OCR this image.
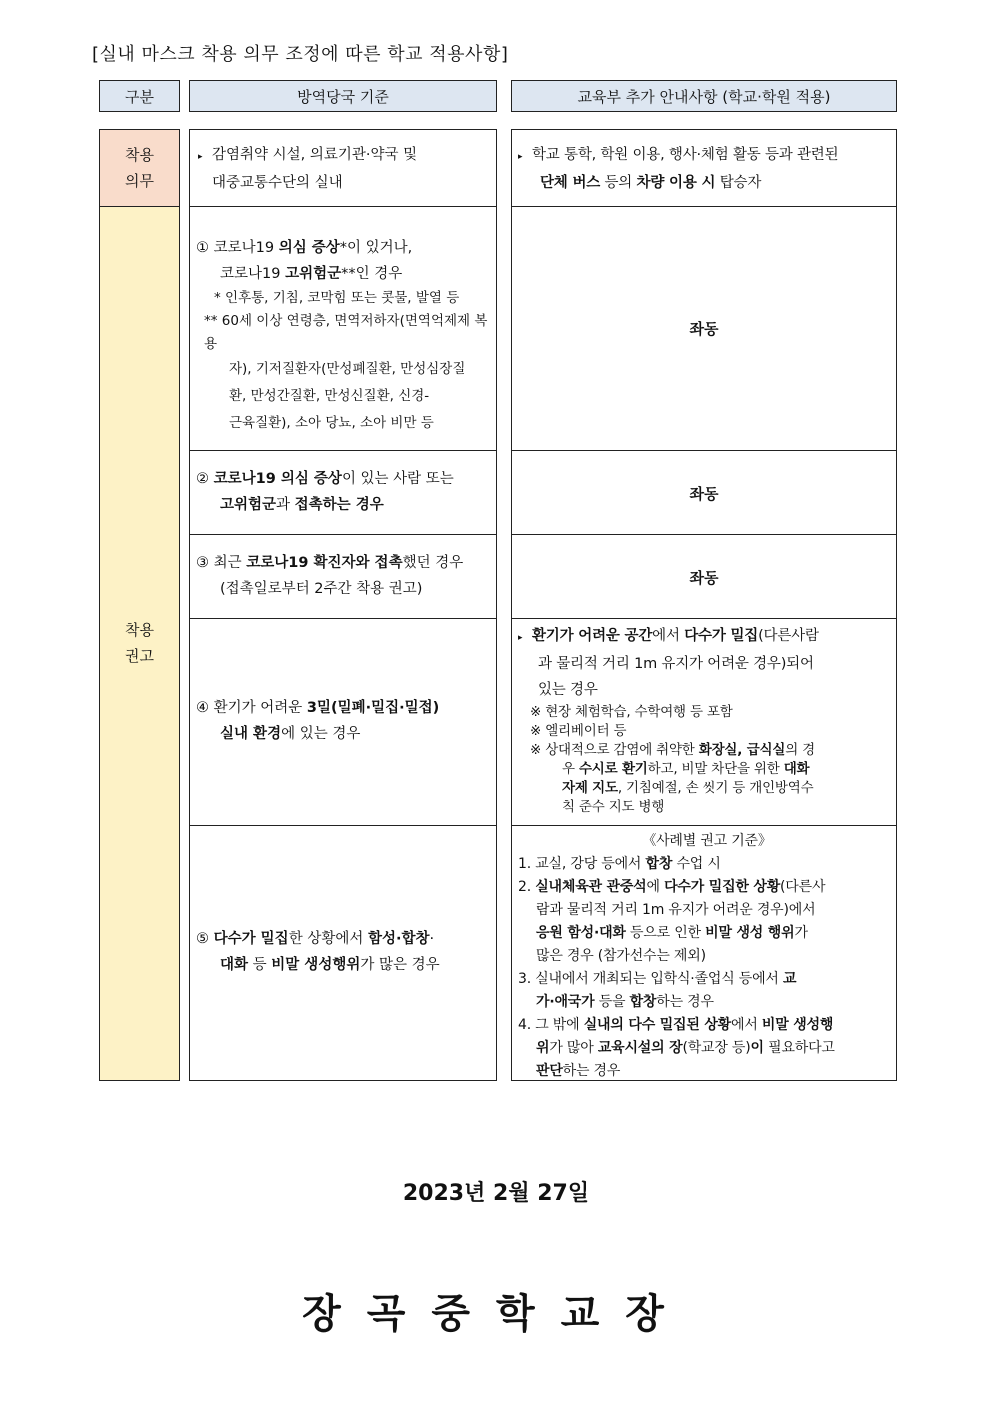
[실내 마스크 착용 의무 조정에 따른 학교 적용사항]
구분	방역당국 기준	교육부 추가 안내사항 (학교·학원 적용)
착용
의무
착용
권고
▸ 감염취약 시설, 의료기관·약국 및
대중교통수단의 실내
① 코로나19 의심 증상*이 있거나,
코로나19 고위험군**인 경우
* 인후통, 기침, 코막힘 또는 콧물, 발열 등
** 60세 이상 연령층, 면역저하자(면역억제제 복용
자), 기저질환자(만성폐질환, 만성심장질
환, 만성간질환, 만성신질환, 신경-
근육질환), 소아 당뇨, 소아 비만 등
② 코로나19 의심 증상이 있는 사람 또는
고위험군과 접촉하는 경우
③ 최근 코로나19 확진자와 접촉했던 경우
(접촉일로부터 2주간 착용 권고)
④ 환기가 어려운 3밀(밀폐·밀집·밀접)
실내 환경에 있는 경우
⑤ 다수가 밀집한 상황에서 함성·합창·
대화 등 비말 생성행위가 많은 경우
▸ 학교 통학, 학원 이용, 행사·체험 활동 등과 관련된
단체 버스 등의 차량 이용 시 탑승자
좌동
좌동
좌동
▸ 환기가 어려운 공간에서 다수가 밀집(다른사람
과 물리적 거리 1m 유지가 어려운 경우)되어
있는 경우
※ 현장 체험학습, 수학여행 등 포함
※ 엘리베이터 등
※ 상대적으로 감염에 취약한 화장실, 급식실의 경
우 수시로 환기하고, 비말 차단을 위한 대화
자제 지도, 기침예절, 손 씻기 등 개인방역수
칙 준수 지도 병행
《사례별 권고 기준》
1. 교실, 강당 등에서 합창 수업 시
2. 실내체육관 관중석에 다수가 밀집한 상황(다른사
람과 물리적 거리 1m 유지가 어려운 경우)에서
응원 함성·대화 등으로 인한 비말 생성 행위가
많은 경우 (참가선수는 제외)
3. 실내에서 개최되는 입학식·졸업식 등에서 교
가·애국가 등을 합창하는 경우
4. 그 밖에 실내의 다수 밀집된 상황에서 비말 생성행
위가 많아 교육시설의 장(학교장 등)이 필요하다고
판단하는 경우
2023년 2월 27일
장곡중학교장
